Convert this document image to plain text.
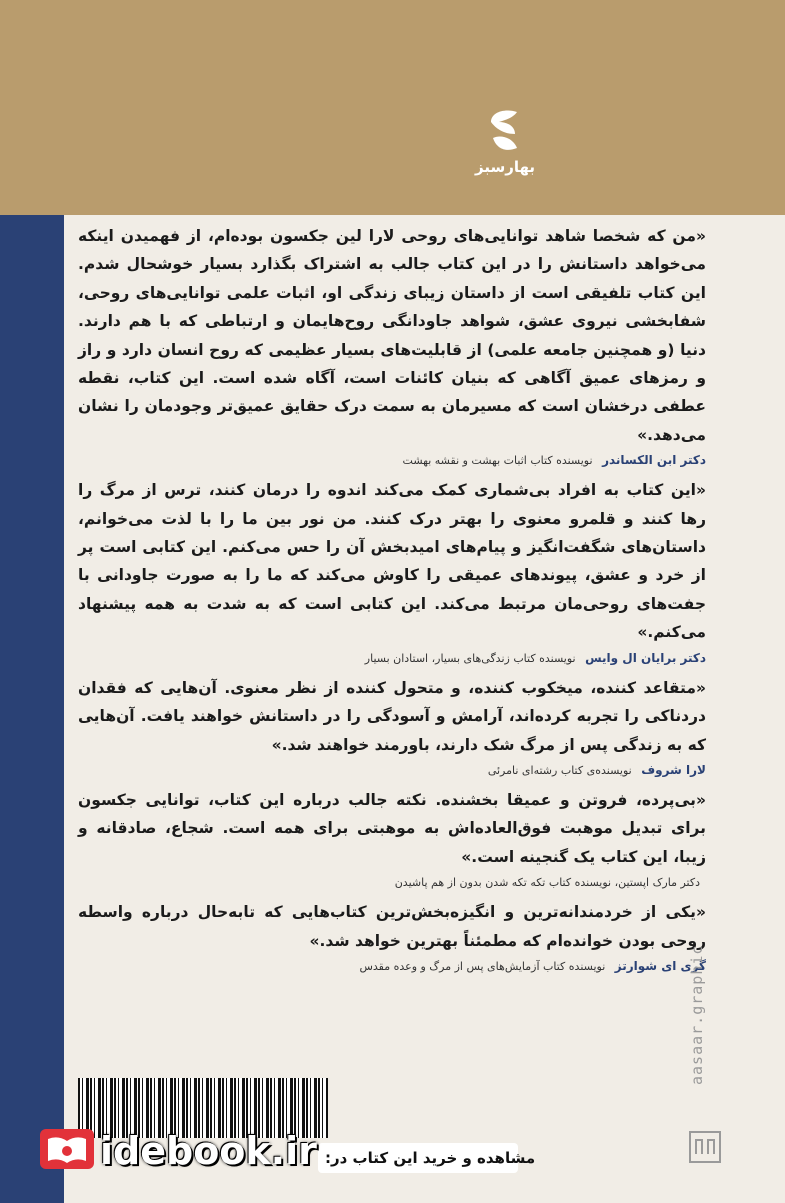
بهارسبز

«من که شخصا شاهد توانایی‌های روحی لارا لین جکسون بوده‌ام، از فهمیدن اینکه می‌خواهد داستانش را در این کتاب جالب به اشتراک بگذارد بسیار خوشحال شدم. این کتاب تلفیقی است از داستان زیبای زندگی او، اثبات علمی توانایی‌های روحی، شفابخشی نیروی عشق، شواهد جاودانگی روح‌هایمان و ارتباطی که با هم دارند. دنیا (و همچنین جامعه علمی) از قابلیت‌های بسیار عظیمی که روح انسان دارد و راز و رمزهای عمیق آگاهی که بنیان کائنات است، آگاه شده است. این کتاب، نقطه عطفی درخشان است که مسیرمان به سمت درک حقایق عمیق‌تر وجودمان را نشان می‌دهد.»

دکتر ابن الکساندر نویسنده کتاب اثبات بهشت و نقشه بهشت

«این کتاب به افراد بی‌شماری کمک می‌کند اندوه را درمان کنند، ترس از مرگ را رها کنند و قلمرو معنوی را بهتر درک کنند. من نور بین ما را با لذت می‌خوانم، داستان‌های شگفت‌انگیز و پیام‌های امیدبخش آن را حس می‌کنم. این کتابی است پر از خرد و عشق، پیوندهای عمیقی را کاوش می‌کند که ما را به صورت جاودانی با جفت‌های روحی‌مان مرتبط می‌کند. این کتابی است که به شدت به همه پیشنهاد می‌کنم.»

دکتر برایان ال وایس نویسنده کتاب زندگی‌های بسیار، استادان بسیار

«متقاعد کننده، میخکوب کننده، و متحول کننده از نظر معنوی. آن‌هایی که فقدان دردناکی را تجربه کرده‌اند، آرامش و آسودگی را در داستانش خواهند یافت. آن‌هایی که به زندگی پس از مرگ شک دارند، باورمند خواهند شد.»

لارا شروف نویسنده‌ی کتاب رشته‌ای نامرئی

«بی‌پرده، فروتن و عمیقا بخشنده. نکته جالب درباره این کتاب، توانایی جکسون برای تبدیل موهبت فوق‌العاده‌اش به موهبتی برای همه است. شجاع، صادقانه و زیبا، این کتاب یک گنجینه است.»

دکتر مارک اپستین، نویسنده کتاب تکه تکه شدن بدون از هم پاشیدن

«یکی از خردمندانه‌ترین و انگیزه‌بخش‌ترین کتاب‌هایی که تابه‌حال درباره واسطه روحی بودن خوانده‌ام که مطمئناً بهترین خواهد شد.»

گری ای شوارتز نویسنده کتاب آزمایش‌های پس از مرگ و وعده مقدس	aasaar.graphic
مشاهده و خرید این کتاب در:
idebook.ir
